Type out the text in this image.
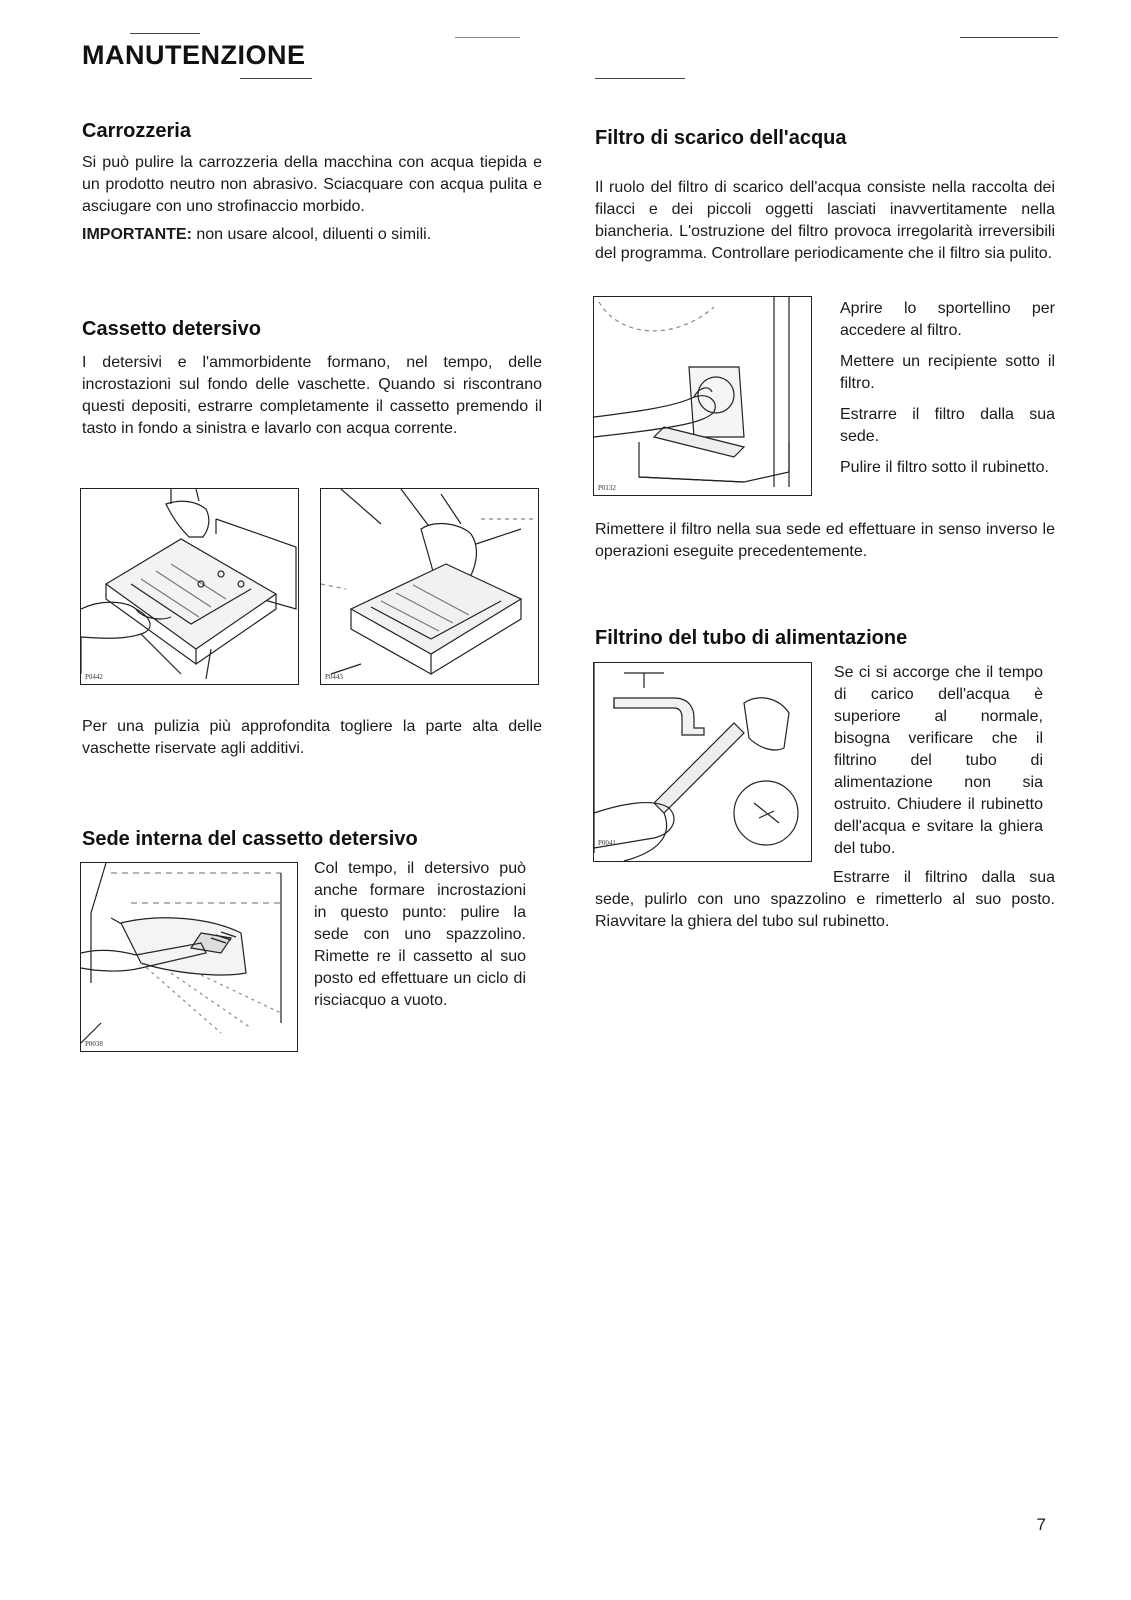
MANUTENZIONE
Carrozzeria

Si può pulire la carrozzeria della macchina con acqua tiepida e un prodotto neutro non abrasivo. Sciacquare con acqua pulita e asciugare con uno strofinaccio morbido.

IMPORTANTE: non usare alcool, diluenti o simili.

Cassetto detersivo
I detersivi e l'ammorbidente formano, nel tempo, delle incrostazioni sul fondo delle vaschette. Quando si riscontrano questi depositi, estrarre completamente il cassetto premendo il tasto in fondo a sinistra e lavarlo con acqua corrente.
P0442	P0443
Per una pulizia più approfondita togliere la parte alta delle vaschette riservate agli additivi.
Sede interna del cassetto detersivo
P0038
Col tempo, il detersivo può anche formare incrostazioni in questo punto: pulire la sede con uno spazzolino. Rimette re il cassetto al suo posto ed effettuare un ciclo di risciacquo a vuoto.
Filtro di scarico dell'acqua
Il ruolo del filtro di scarico dell'acqua consiste nella raccolta dei filacci e dei piccoli oggetti lasciati inavvertitamente nella biancheria. L'ostruzione del filtro provoca irregolarità irreversibili del programma. Controllare periodicamente che il filtro sia pulito.
P0132

Aprire lo sportellino per accedere al filtro.

Mettere un recipiente sotto il filtro.

Estrarre il filtro dalla sua sede.

Pulire il filtro sotto il rubinetto.

Rimettere il filtro nella sua sede ed effettuare in senso inverso le operazioni eseguite precedentemente.
Filtrino del tubo di alimentazione
P0041
Se ci si accorge che il tempo di carico dell'acqua è superiore al normale, bisogna verificare che il filtrino del tubo di alimentazione non sia ostruito. Chiudere il rubinetto dell'acqua e svitare la ghiera del tubo.
Estrarre il filtrino dalla sua sede, pulirlo con uno spazzolino e rimetterlo al suo posto. Riavvitare la ghiera del tubo sul rubinetto.
7
